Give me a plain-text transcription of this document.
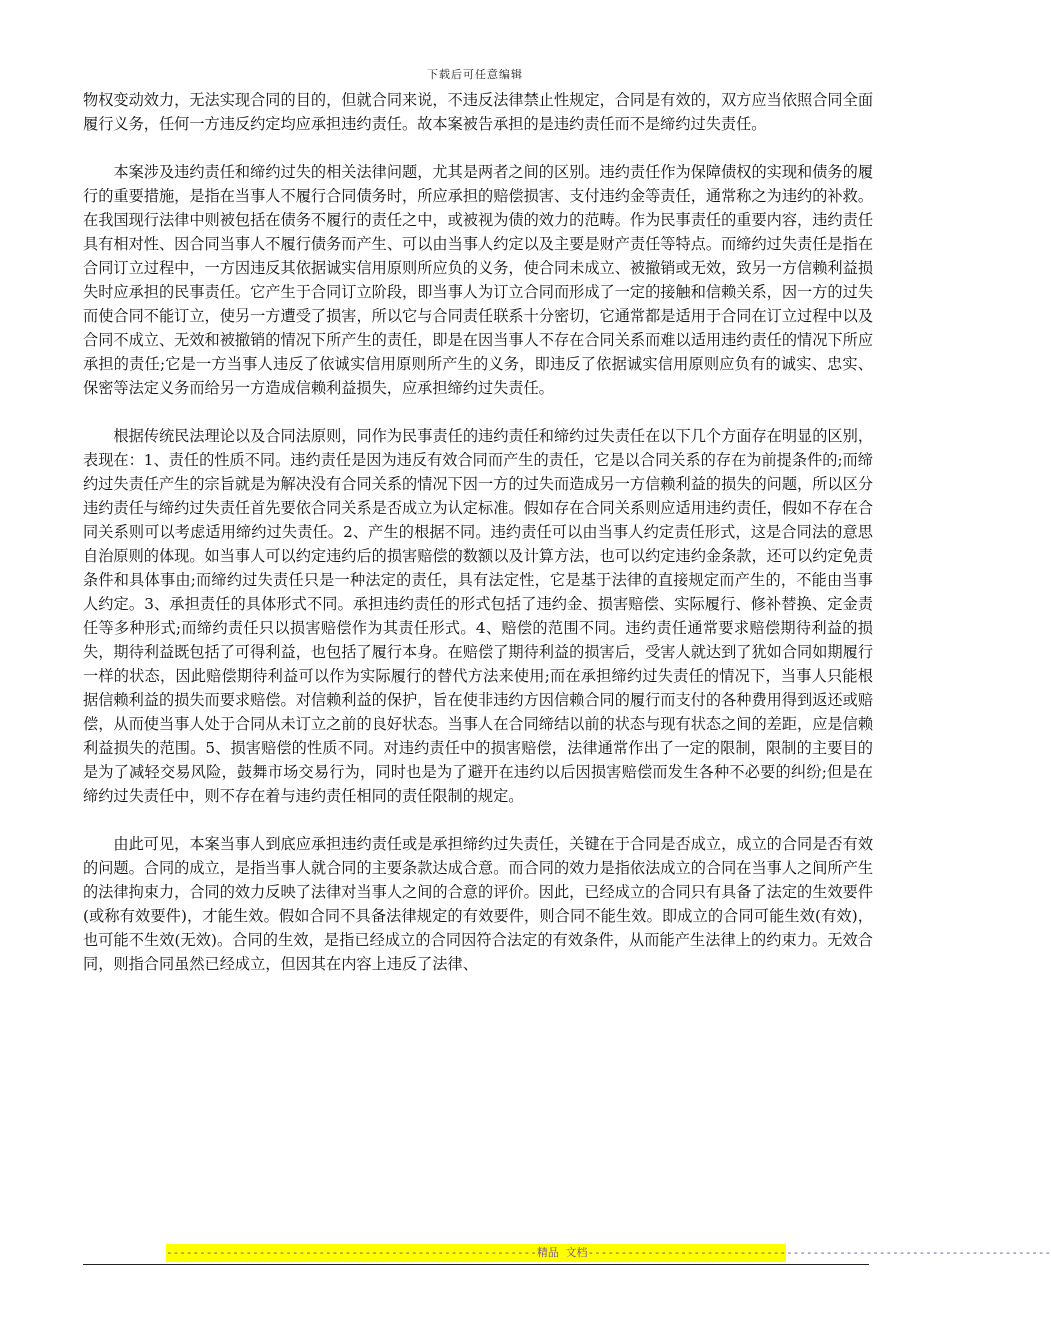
下载后可任意编辑

物权变动效力，无法实现合同的目的，但就合同来说，不违反法律禁止性规定，合同是有效的，双方应当依照合同全面履行义务，任何一方违反约定均应承担违约责任。故本案被告承担的是违约责任而不是缔约过失责任。

本案涉及违约责任和缔约过失的相关法律问题，尤其是两者之间的区别。违约责任作为保障债权的实现和债务的履行的重要措施，是指在当事人不履行合同债务时，所应承担的赔偿损害、支付违约金等责任，通常称之为违约的补救。在我国现行法律中则被包括在债务不履行的责任之中，或被视为债的效力的范畴。作为民事责任的重要内容，违约责任具有相对性、因合同当事人不履行债务而产生、可以由当事人约定以及主要是财产责任等特点。而缔约过失责任是指在合同订立过程中，一方因违反其依据诚实信用原则所应负的义务，使合同未成立、被撤销或无效，致另一方信赖利益损失时应承担的民事责任。它产生于合同订立阶段，即当事人为订立合同而形成了一定的接触和信赖关系，因一方的过失而使合同不能订立，使另一方遭受了损害，所以它与合同责任联系十分密切，它通常都是适用于合同在订立过程中以及合同不成立、无效和被撤销的情况下所产生的责任，即是在因当事人不存在合同关系而难以适用违约责任的情况下所应承担的责任;它是一方当事人违反了依诚实信用原则所产生的义务，即违反了依据诚实信用原则应负有的诚实、忠实、保密等法定义务而给另一方造成信赖利益损失，应承担缔约过失责任。

根据传统民法理论以及合同法原则，同作为民事责任的违约责任和缔约过失责任在以下几个方面存在明显的区别，表现在：1、责任的性质不同。违约责任是因为违反有效合同而产生的责任，它是以合同关系的存在为前提条件的;而缔约过失责任产生的宗旨就是为解决没有合同关系的情况下因一方的过失而造成另一方信赖利益的损失的问题，所以区分违约责任与缔约过失责任首先要依合同关系是否成立为认定标准。假如存在合同关系则应适用违约责任，假如不存在合同关系则可以考虑适用缔约过失责任。2、产生的根据不同。违约责任可以由当事人约定责任形式，这是合同法的意思自治原则的体现。如当事人可以约定违约后的损害赔偿的数额以及计算方法，也可以约定违约金条款，还可以约定免责条件和具体事由;而缔约过失责任只是一种法定的责任，具有法定性，它是基于法律的直接规定而产生的，不能由当事人约定。3、承担责任的具体形式不同。承担违约责任的形式包括了违约金、损害赔偿、实际履行、修补替换、定金责任等多种形式;而缔约责任只以损害赔偿作为其责任形式。4、赔偿的范围不同。违约责任通常要求赔偿期待利益的损失，期待利益既包括了可得利益，也包括了履行本身。在赔偿了期待利益的损害后，受害人就达到了犹如合同如期履行一样的状态，因此赔偿期待利益可以作为实际履行的替代方法来使用;而在承担缔约过失责任的情况下，当事人只能根据信赖利益的损失而要求赔偿。对信赖利益的保护，旨在使非违约方因信赖合同的履行而支付的各种费用得到返还或赔偿，从而使当事人处于合同从未订立之前的良好状态。当事人在合同缔结以前的状态与现有状态之间的差距，应是信赖利益损失的范围。5、损害赔偿的性质不同。对违约责任中的损害赔偿，法律通常作出了一定的限制，限制的主要目的是为了减轻交易风险，鼓舞市场交易行为，同时也是为了避开在违约以后因损害赔偿而发生各种不必要的纠纷;但是在缔约过失责任中，则不存在着与违约责任相同的责任限制的规定。

由此可见，本案当事人到底应承担违约责任或是承担缔约过失责任，关键在于合同是否成立，成立的合同是否有效的问题。合同的成立，是指当事人就合同的主要条款达成合意。而合同的效力是指依法成立的合同在当事人之间所产生的法律拘束力，合同的效力反映了法律对当事人之间的合意的评价。因此，已经成立的合同只有具备了法定的生效要件(或称有效要件)，才能生效。假如合同不具备法律规定的有效要件，则合同不能生效。即成立的合同可能生效(有效)，也可能不生效(无效)。合同的生效，是指已经成立的合同因符合法定的有效条件，从而能产生法律上的约束力。无效合同，则指合同虽然已经成立，但因其在内容上违反了法律、

--------------------------------------------------------精品 文档----------------------------------------------------------------------
